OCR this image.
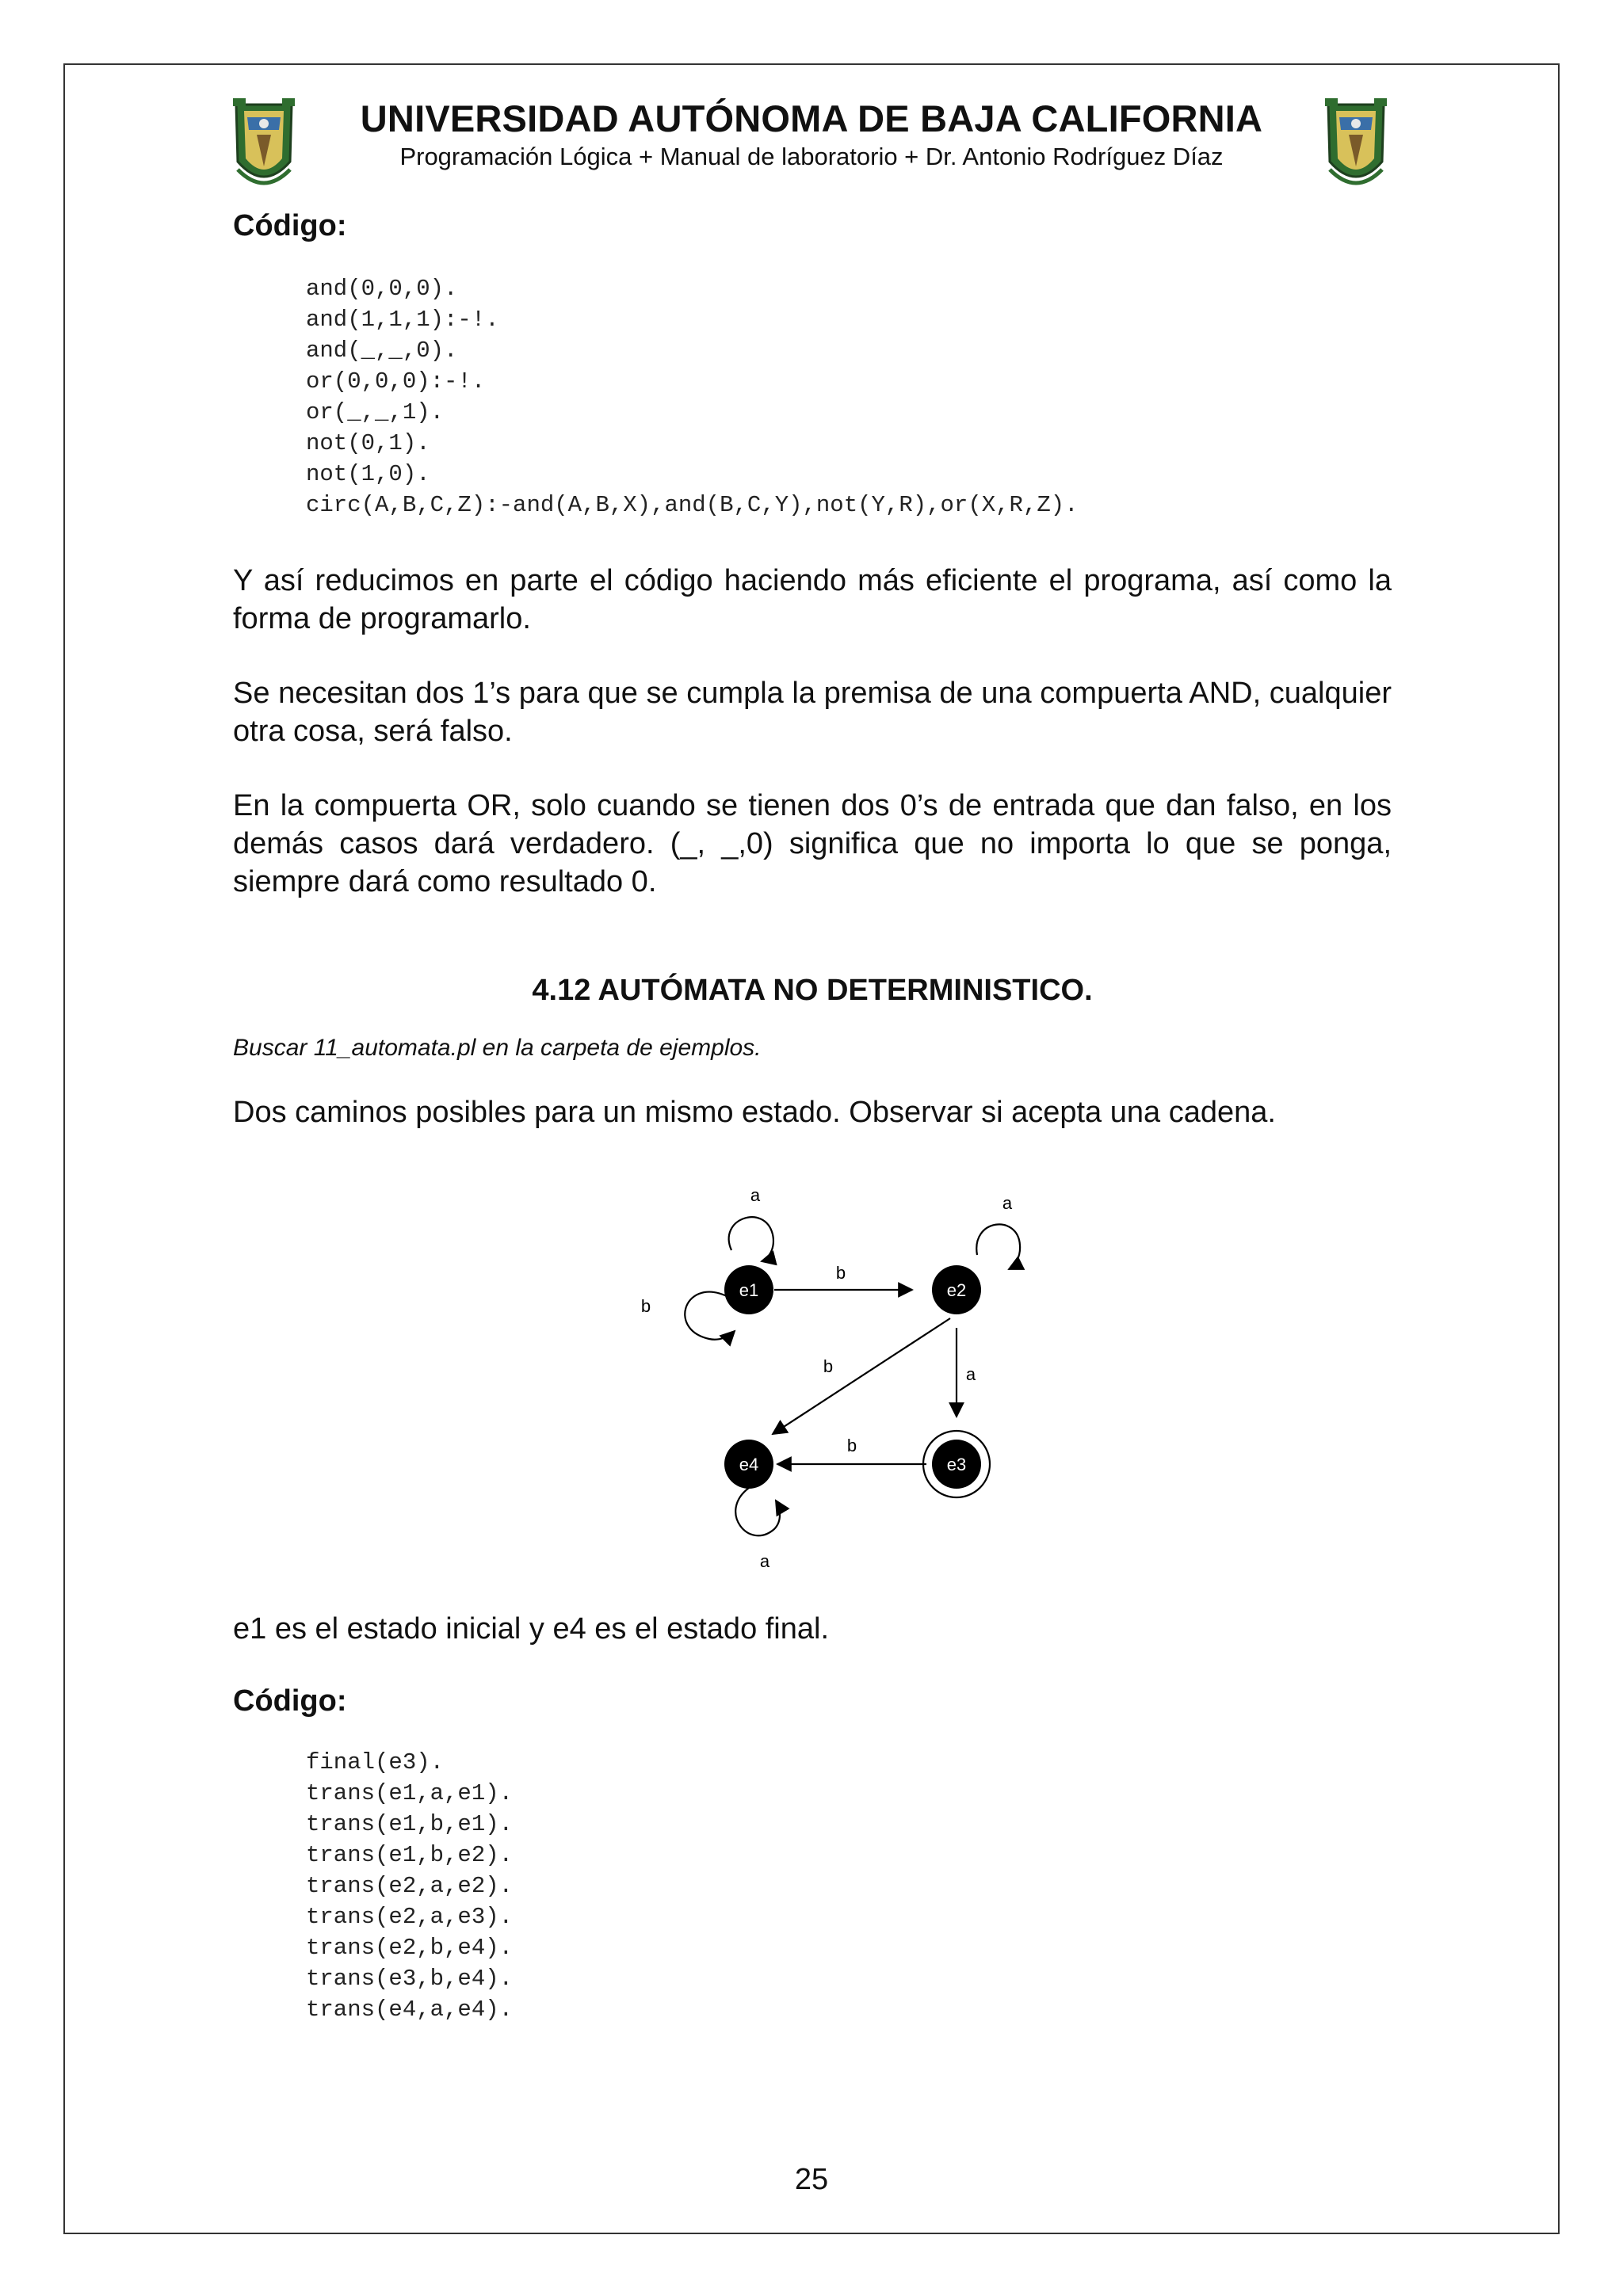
UNIVERSIDAD AUTÓNOMA DE BAJA CALIFORNIA

Programación Lógica + Manual de laboratorio + Dr. Antonio Rodríguez Díaz

Código:

and(0,0,0).
and(1,1,1):-!.
and(_,_,0).
or(0,0,0):-!.
or(_,_,1).
not(0,1).
not(1,0).
circ(A,B,C,Z):-and(A,B,X),and(B,C,Y),not(Y,R),or(X,R,Z).

Y así reducimos en parte el código haciendo más eficiente el programa, así como la forma de programarlo.

Se necesitan dos 1’s para que se cumpla la premisa de una compuerta AND, cualquier otra cosa, será falso.

En la compuerta OR, solo cuando se tienen dos 0’s de entrada que dan falso, en los demás casos dará verdadero. (_, _,0) significa que no importa lo que se ponga, siempre dará como resultado 0.

4.12 AUTÓMATA NO DETERMINISTICO.

Buscar 11_automata.pl en la carpeta de ejemplos.

Dos caminos posibles para un mismo estado. Observar si acepta una cadena.

e1	e2
e3
e4
a
b
b
a
b	a
b
a

e1 es el estado inicial y e4 es el estado final.

Código:

final(e3).
trans(e1,a,e1).
trans(e1,b,e1).
trans(e1,b,e2).
trans(e2,a,e2).
trans(e2,a,e3).
trans(e2,b,e4).
trans(e3,b,e4).
trans(e4,a,e4).

25
